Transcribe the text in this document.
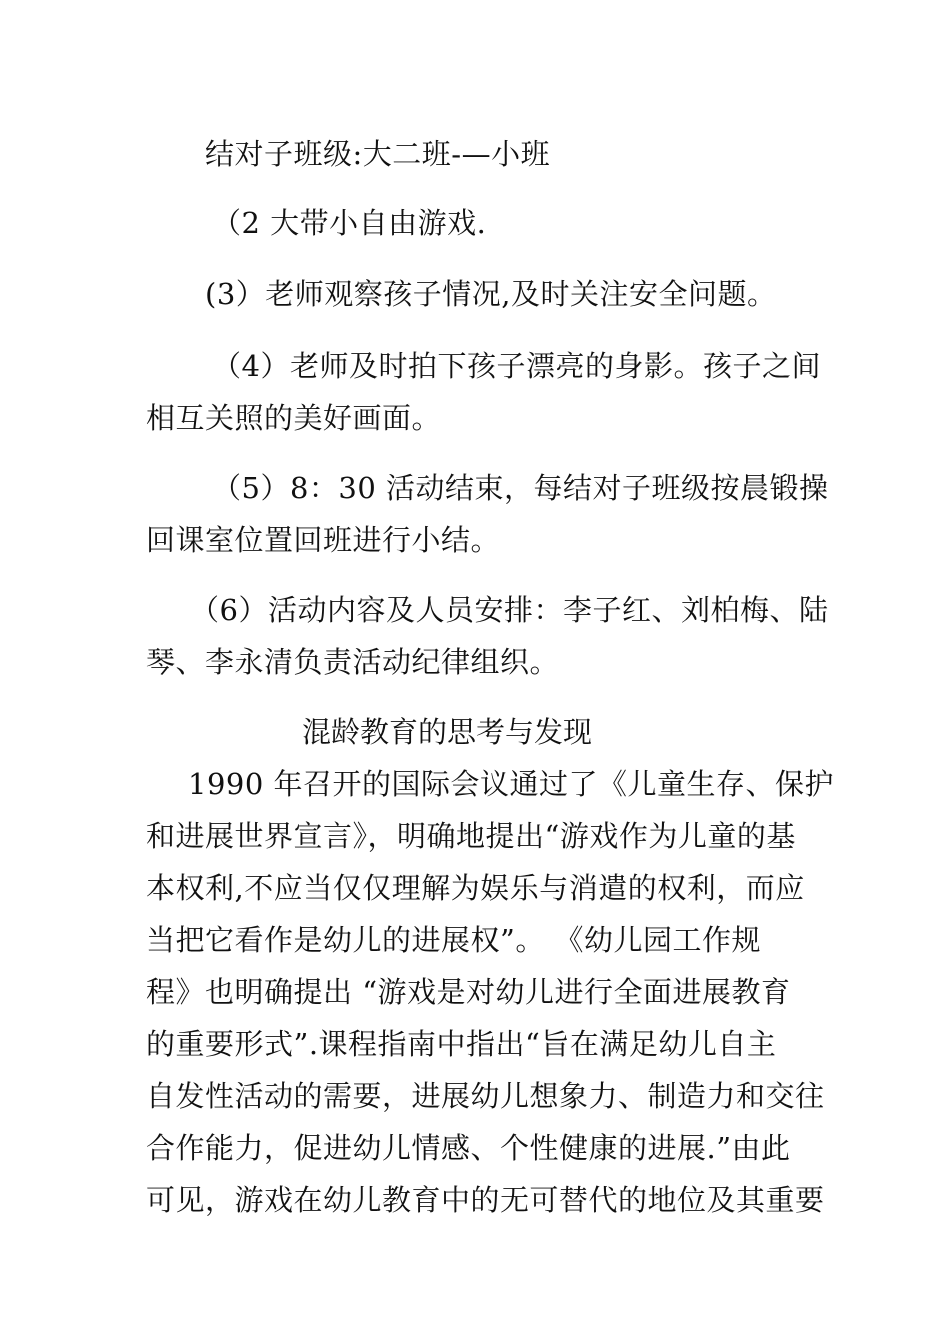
结对子班级:大二班-—小班
（2 大带小自由游戏.
(3）老师观察孩子情况,及时关注安全问题。
（4）老师及时拍下孩子漂亮的身影。孩子之间
相互关照的美好画面。
（5）8：30 活动结束，每结对子班级按晨锻操
回课室位置回班进行小结。
（6）活动内容及人员安排：李子红、刘柏梅、陆
琴、李永清负责活动纪律组织。
混龄教育的思考与发现
1990 年召开的国际会议通过了《儿童生存、保护
和进展世界宣言》，明确地提出“游戏作为儿童的基
本权利,不应当仅仅理解为娱乐与消遣的权利，而应
当把它看作是幼儿的进展权”。 《幼儿园工作规
程》也明确提出 “游戏是对幼儿进行全面进展教育
的重要形式”.课程指南中指出“旨在满足幼儿自主
自发性活动的需要，进展幼儿想象力、制造力和交往
合作能力，促进幼儿情感、个性健康的进展.”由此
可见，游戏在幼儿教育中的无可替代的地位及其重要
